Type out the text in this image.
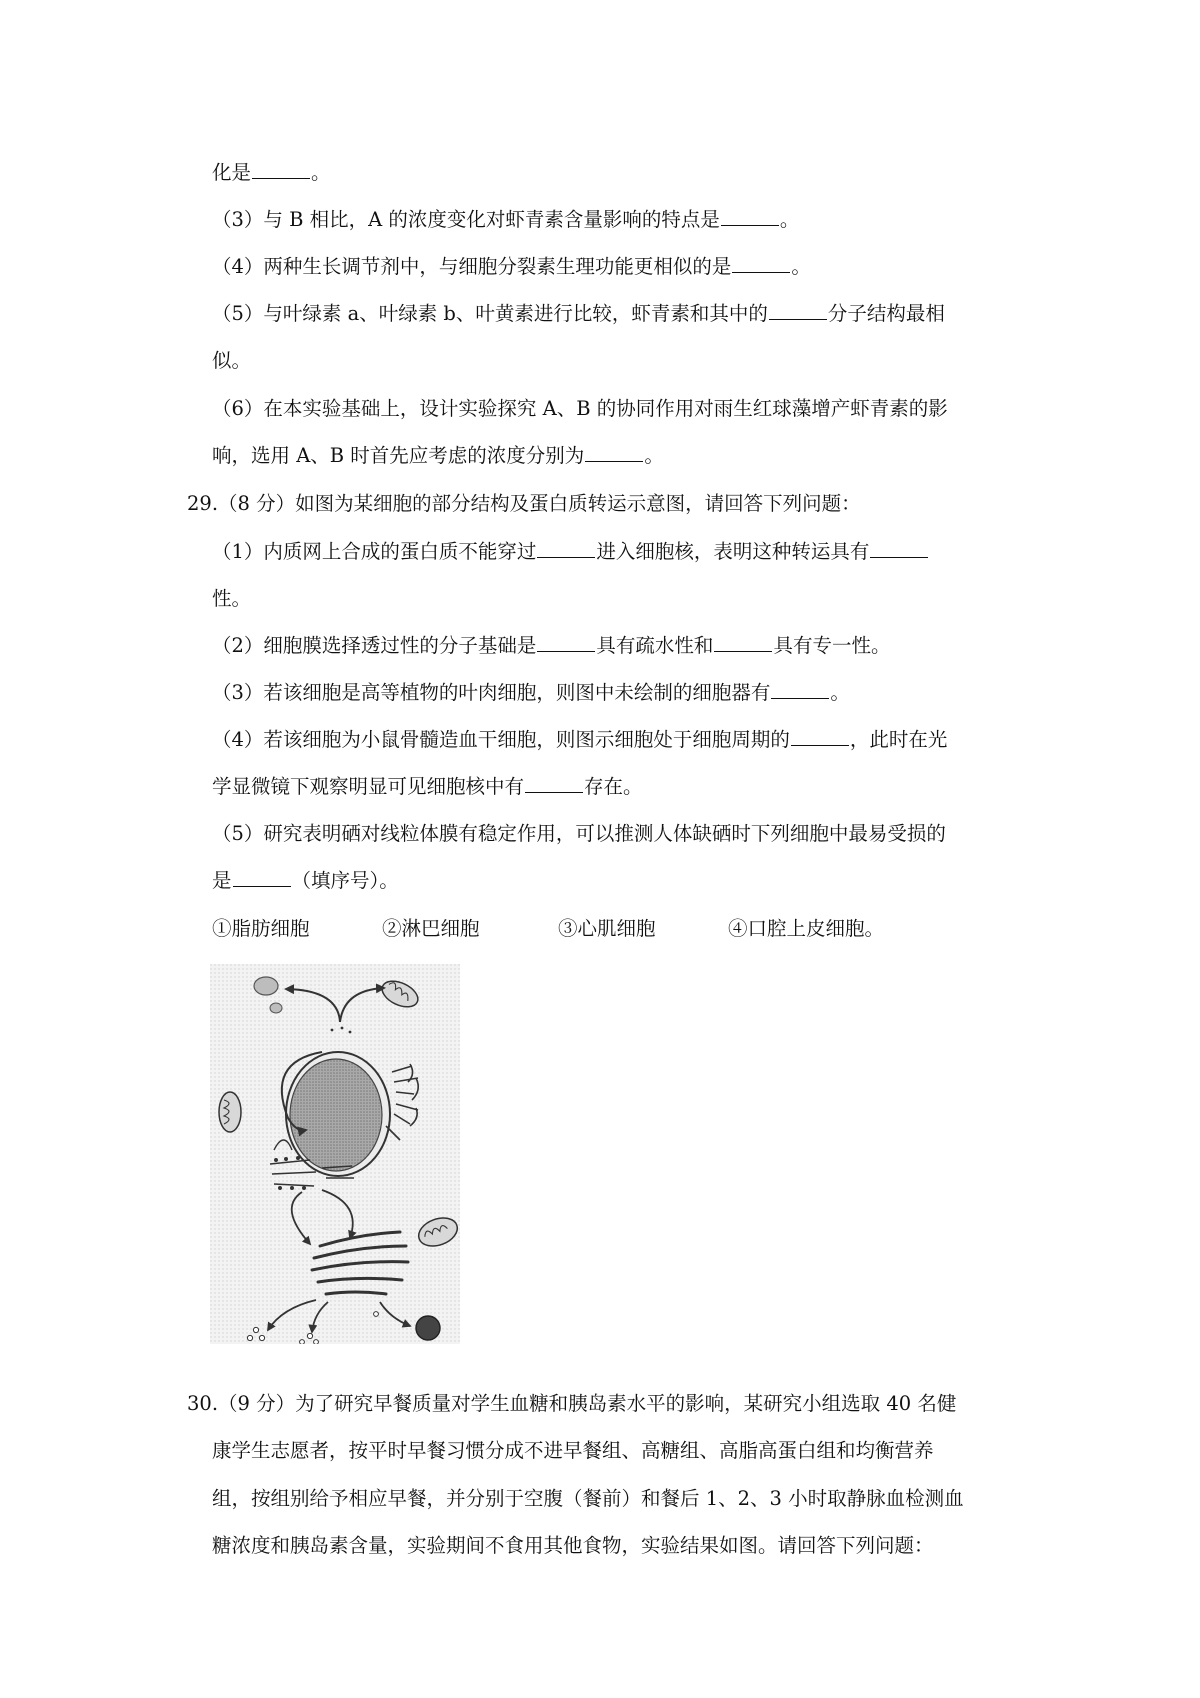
化是	。
（3）与 B 相比，A 的浓度变化对虾青素含量影响的特点是	。
（4）两种生长调节剂中，与细胞分裂素生理功能更相似的是	。
（5）与叶绿素 a、叶绿素 b、叶黄素进行比较，虾青素和其中的	分子结构最相
似。
（6）在本实验基础上，设计实验探究 A、B 的协同作用对雨生红球藻增产虾青素的影
响，选用 A、B 时首先应考虑的浓度分别为	。
29.（8 分）如图为某细胞的部分结构及蛋白质转运示意图，请回答下列问题：
（1）内质网上合成的蛋白质不能穿过	进入细胞核，表明这种转运具有
性。
（2）细胞膜选择透过性的分子基础是	具有疏水性和	具有专一性。
（3）若该细胞是高等植物的叶肉细胞，则图中未绘制的细胞器有	。
（4）若该细胞为小鼠骨髓造血干细胞，则图示细胞处于细胞周期的	，此时在光
学显微镜下观察明显可见细胞核中有	存在。
（5）研究表明硒对线粒体膜有稳定作用，可以推测人体缺硒时下列细胞中最易受损的
是	（填序号）。
①脂肪细胞	②淋巴细胞	③心肌细胞	④口腔上皮细胞。
30.（9 分）为了研究早餐质量对学生血糖和胰岛素水平的影响，某研究小组选取 40 名健
康学生志愿者，按平时早餐习惯分成不进早餐组、高糖组、高脂高蛋白组和均衡营养
组，按组别给予相应早餐，并分别于空腹（餐前）和餐后 1、2、3 小时取静脉血检测血
糖浓度和胰岛素含量，实验期间不食用其他食物，实验结果如图。请回答下列问题：
